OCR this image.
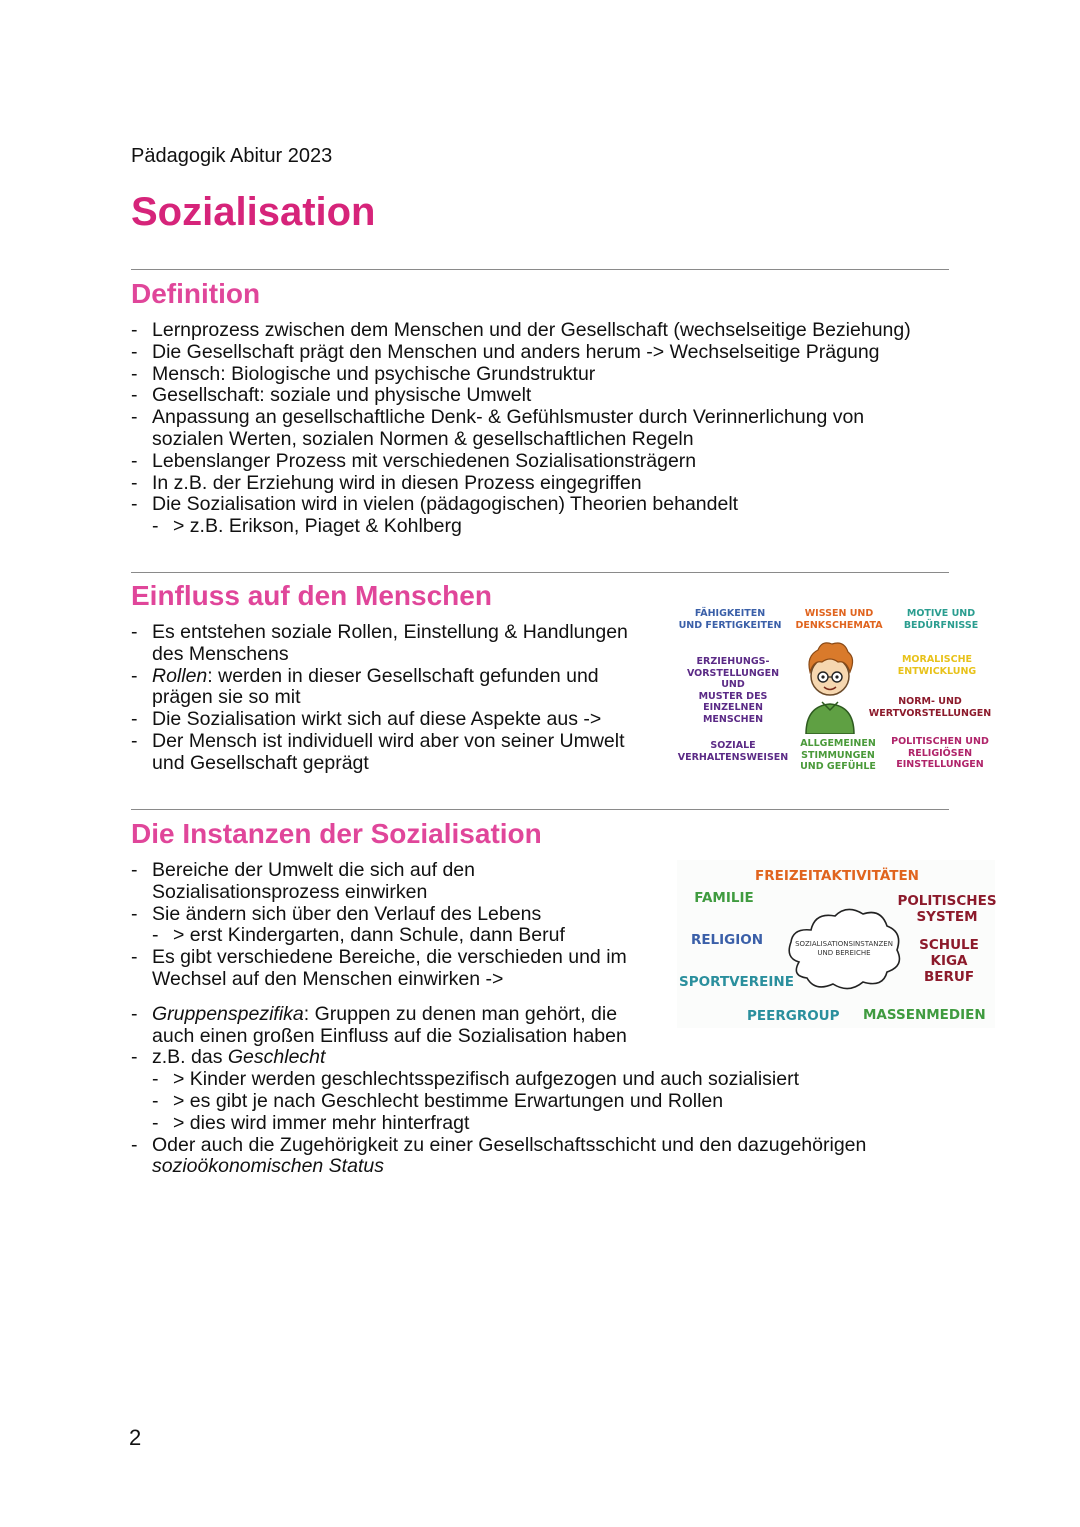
Pädagogik Abitur 2023
Sozialisation
Definition
- Lernprozess zwischen dem Menschen und der Gesellschaft (wechselseitige Beziehung)
- Die Gesellschaft prägt den Menschen und anders herum -> Wechselseitige Prägung
- Mensch: Biologische und psychische Grundstruktur
- Gesellschaft: soziale und physische Umwelt
- Anpassung an gesellschaftliche Denk- & Gefühlsmuster durch Verinnerlichung von sozialen Werten, sozialen Normen & gesellschaftlichen Regeln
- Lebenslanger Prozess mit verschiedenen Sozialisationsträgern
- In z.B. der Erziehung wird in diesen Prozess eingegriffen
- Die Sozialisation wird in vielen (pädagogischen) Theorien behandelt
- > z.B. Erikson, Piaget & Kohlberg
Einfluss auf den Menschen
- Es entstehen soziale Rollen, Einstellung & Handlungen des Menschens
- Rollen: werden in dieser Gesellschaft gefunden und prägen sie so mit
- Die Sozialisation wirkt sich auf diese Aspekte aus ->
- Der Mensch ist individuell wird aber von seiner Umwelt und Gesellschaft geprägt
FÄHIGKEITEN
UND FERTIGKEITEN
WISSEN UND
DENKSCHEMATA
MOTIVE UND
BEDÜRFNISSE
ERZIEHUNGS-
VORSTELLUNGEN UND
MUSTER DES
EINZELNEN
MENSCHEN
MORALISCHE
ENTWICKLUNG
NORM- UND
WERTVORSTELLUNGEN
SOZIALE
VERHALTENSWEISEN
ALLGEMEINEN
STIMMUNGEN
UND GEFÜHLE
POLITISCHEN UND
RELIGIÖSEN
EINSTELLUNGEN
Die Instanzen der Sozialisation
- Bereiche der Umwelt die sich auf den Sozialisationsprozess einwirken
- Sie ändern sich über den Verlauf des Lebens
- > erst Kindergarten, dann Schule, dann Beruf
- Es gibt verschiedene Bereiche, die verschieden und im Wechsel auf den Menschen einwirken ->
- Gruppenspezifika: Gruppen zu denen man gehört, die auch einen großen Einfluss auf die Sozialisation haben
- z.B. das Geschlecht
- > Kinder werden geschlechtsspezifisch aufgezogen und auch sozialisiert
- > es gibt je nach Geschlecht bestimme Erwartungen und Rollen
- > dies wird immer mehr hinterfragt
- Oder auch die Zugehörigkeit zu einer Gesellschaftsschicht und den dazugehörigen
sozioökonomischen Status
FREIZEITAKTIVITÄTEN
FAMILIE	POLITISCHES
SYSTEM
RELIGION	SCHULE
KIGA
BERUF
SPORTVEREINE
PEERGROUP MASSENMEDIEN
SOZIALISATIONSINSTANZEN
UND BEREICHE
2
